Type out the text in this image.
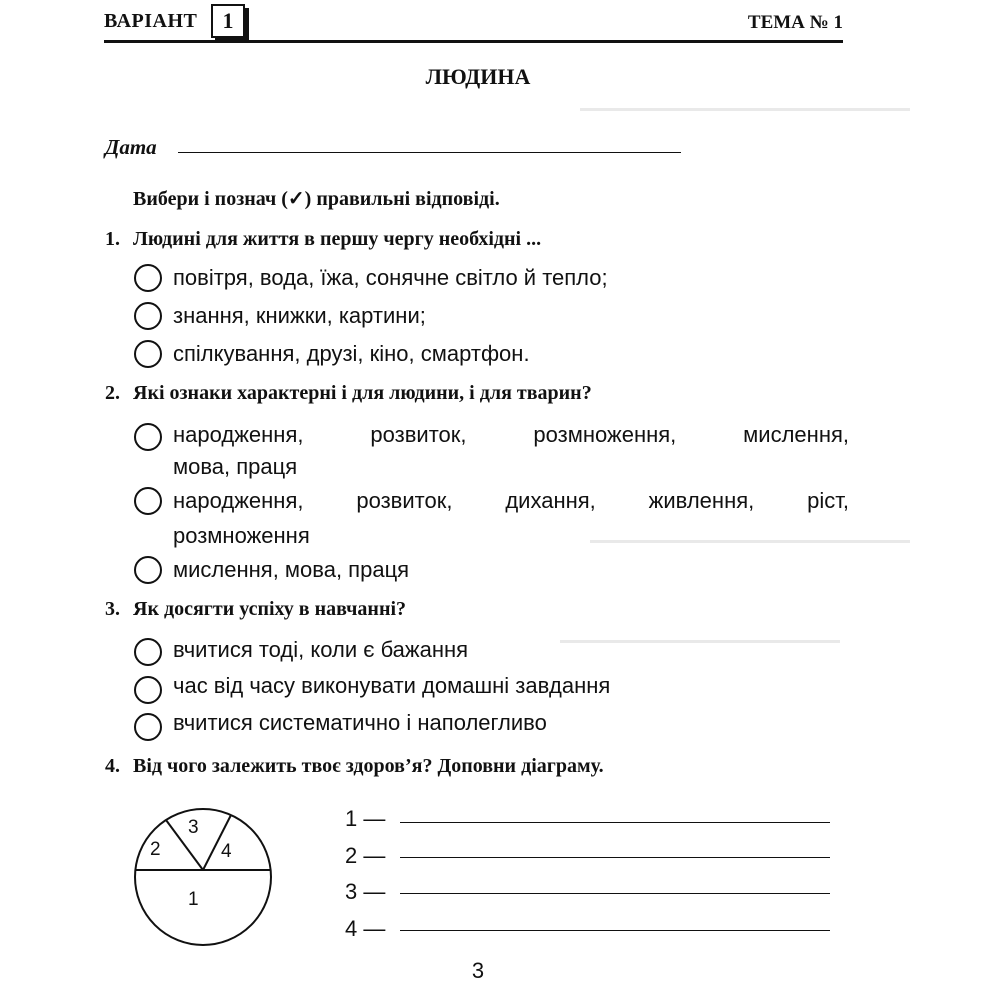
ВАРІАНТ	1	ТЕМА № 1
ЛЮДИНА
Дата
Вибери і познач (✓) правильні відповіді.
1. Людині для життя в першу чергу необхідні ...
повітря, вода, їжа, сонячне світло й тепло;
знання, книжки, картини;
спілкування, друзі, кіно, смартфон.
2. Які ознаки характерні і для людини, і для тварин?
народження, розвиток, розмноження, мислення,
мова, праця
народження, розвиток, дихання, живлення, ріст,
розмноження
мислення, мова, праця
3. Як досягти успіху в навчанні?
вчитися тоді, коли є бажання
час від часу виконувати домашні завдання
вчитися систематично і наполегливо
4. Від чого залежить твоє здоров’я? Доповни діаграму.
3
2	4
1
1 —
2 —
3 —
4 —
3
